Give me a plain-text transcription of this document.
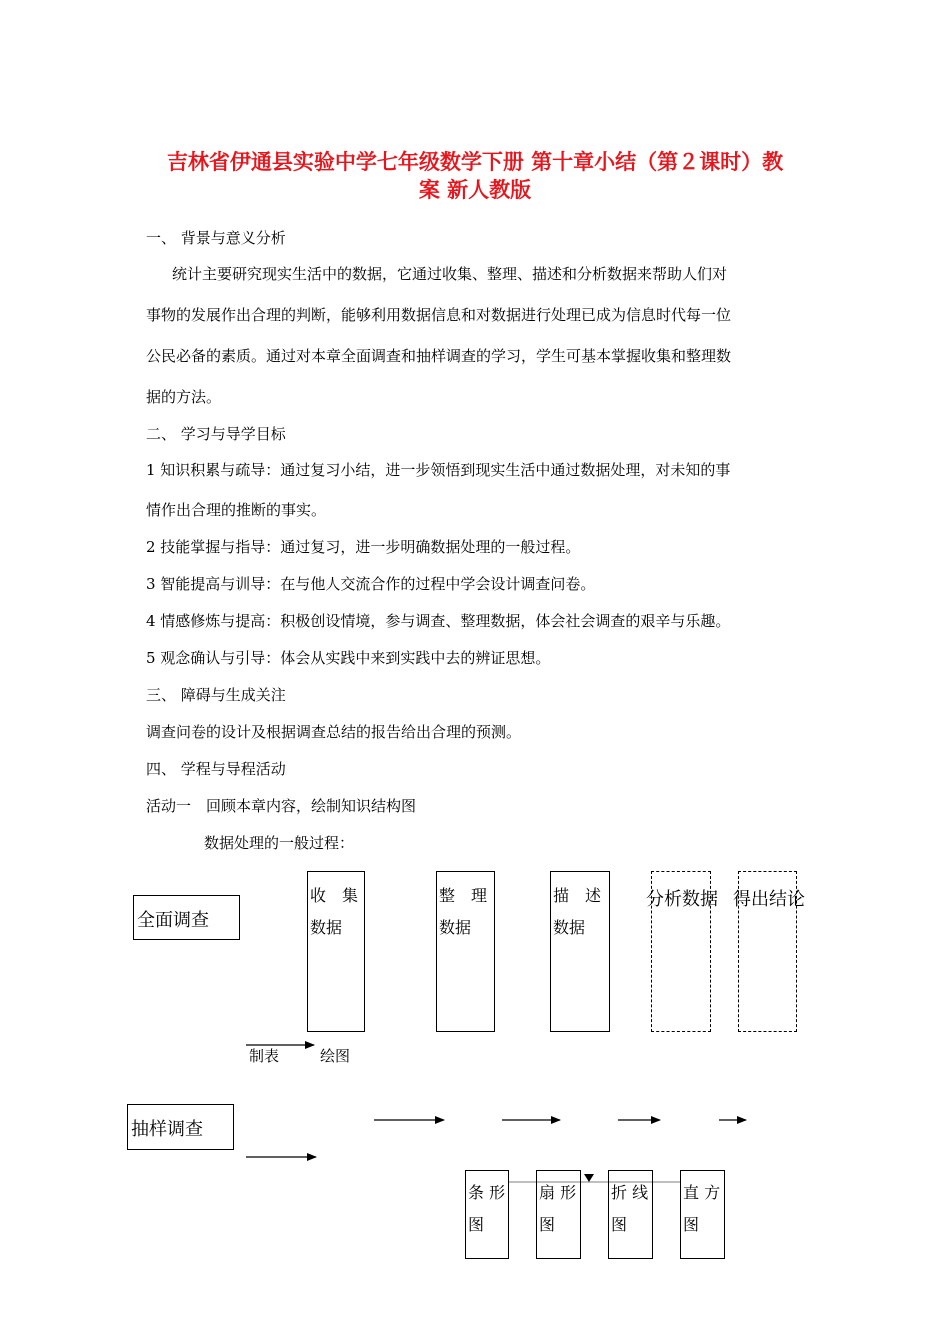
吉林省伊通县实验中学七年级数学下册 第十章小结（第２课时）教
案 新人教版
一、 背景与意义分析
统计主要研究现实生活中的数据，它通过收集、整理、描述和分析数据来帮助人们对
事物的发展作出合理的判断，能够利用数据信息和对数据进行处理已成为信息时代每一位
公民必备的素质。通过对本章全面调查和抽样调查的学习，学生可基本掌握收集和整理数
据的方法。
二、 学习与导学目标
1 知识积累与疏导：通过复习小结，进一步领悟到现实生活中通过数据处理，对未知的事
情作出合理的推断的事实。
2 技能掌握与指导：通过复习，进一步明确数据处理的一般过程。
3 智能提高与训导：在与他人交流合作的过程中学会设计调查问卷。
4 情感修炼与提高：积极创设情境，参与调查、整理数据，体会社会调查的艰辛与乐趣。
5 观念确认与引导：体会从实践中来到实践中去的辨证思想。
三、 障碍与生成关注
调查问卷的设计及根据调查总结的报告给出合理的预测。
四、 学程与导程活动
活动一　回顾本章内容，绘制知识结构图
数据处理的一般过程：
全面调查
收　集
数据
整　理
数据
描　述
数据
分析数据 得出结论
制表	绘图
抽样调查
条 形
图
扇 形
图
折 线
图
直 方
图
